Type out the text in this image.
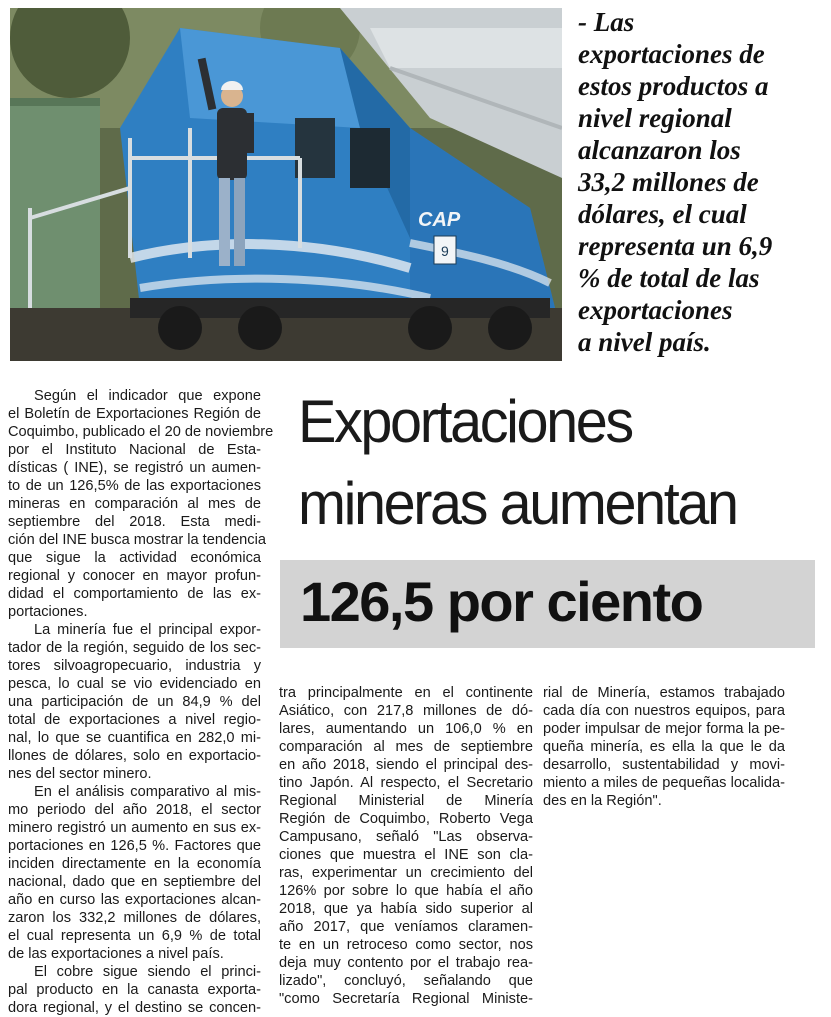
CAP
9

- Las
exportaciones de
estos productos a
nivel regional
alcanzaron los
33,2 millones de
dólares, el cual
representa un 6,9
% de total de las
exportaciones
a nivel país.

Exportaciones
mineras aumentan
126,5 por ciento
Según el indicador que expone
el Boletín de Exportaciones Región de
Coquimbo, publicado el 20 de noviembre
por el Instituto Nacional de Esta-
dísticas ( INE), se registró un aumen-
to de un 126,5% de las exportaciones
mineras en comparación al mes de
septiembre del 2018. Esta medi-
ción del INE busca mostrar la tendencia
que sigue la actividad económica
regional y conocer en mayor profun-
didad el comportamiento de las ex-
portaciones.
La minería fue el principal expor-
tador de la región, seguido de los sec-
tores silvoagropecuario, industria y
pesca, lo cual se vio evidenciado en
una participación de un 84,9 % del
total de exportaciones a nivel regio-
nal, lo que se cuantifica en 282,0 mi-
llones de dólares, solo en exportacio-
nes del sector minero.
En el análisis comparativo al mis-
mo periodo del año 2018, el sector
minero registró un aumento en sus ex-
portaciones en 126,5 %. Factores que
inciden directamente en la economía
nacional, dado que en septiembre del
año en curso las exportaciones alcan-
zaron los 332,2 millones de dólares,
el cual representa un 6,9 % de total
de las exportaciones a nivel país.
El cobre sigue siendo el princi-
pal producto en la canasta exporta-
dora regional, y el destino se concen-
tra principalmente en el continente
Asiático, con 217,8 millones de dó-
lares, aumentando un 106,0 % en
comparación al mes de septiembre
en año 2018, siendo el principal des-
tino Japón. Al respecto, el Secretario
Regional Ministerial de Minería
Región de Coquimbo, Roberto Vega
Campusano, señaló "Las observa-
ciones que muestra el INE son cla-
ras, experimentar un crecimiento del
126% por sobre lo que había el año
2018, que ya había sido superior al
año 2017, que veníamos claramen-
te en un retroceso como sector, nos
deja muy contento por el trabajo rea-
lizado", concluyó, señalando que
"como Secretaría Regional Ministe-
rial de Minería, estamos trabajado
cada día con nuestros equipos, para
poder impulsar de mejor forma la pe-
queña minería, es ella la que le da
desarrollo, sustentabilidad y movi-
miento a miles de pequeñas localida-
des en la Región".
